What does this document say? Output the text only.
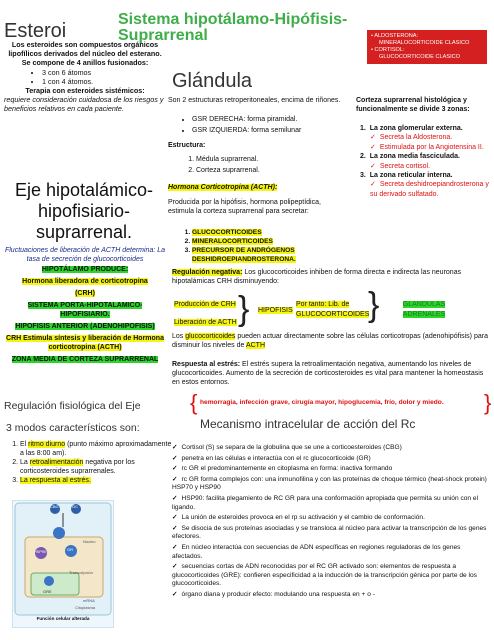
Esteroi
Sistema hipotálamo-Hipófisis-Suprarrenal	• ALDOSTERONA:
MINERALOCORTICOIDE CLASICO
• CORTISOL:
GLUCOCORTICOIDE CLASICO
Los esteroides son compuestos orgánicos lipofílicos derivados del núcleo del esterano.
Se compone de 4 anillos fusionados:
• 3 con 6 átomos
• 1 con 4 átomos.
Terapia con esteroides sistémicos:
requiere consideración cuidadosa de los riesgos y beneficios relativos en cada paciente.
Eje hipotalámico-hipofisiario-suprarrenal.
Fluctuaciones de liberación de ACTH determina: La tasa de secreción de glucocorticoides
HIPOTÁLAMO PRODUCE:
Hormona liberadora de corticotropina
(CRH)
SISTEMA PORTA-HIPOTALAMICO-HIPOFISIARIO.
HIPOFISIS ANTERIOR (ADENOHIPOFISIS)
CRH Estimula síntesis y liberación de Hormona corticotropina (ACTH)
ZONA MEDIA DE CORTEZA SUPRARRENAL
Regulación fisiológica del Eje
3 modos característicos son:
1. El ritmo diurno (punto máximo aproximadamente a las 8:00 am).
2. La retroalimentación negativa por los corticosteroides suprarrenales.
3. La respuesta al estrés.
CBG	GC
GR
HSP90
GRE
Transcripción
mRNA
Citoplasma
Núcleo
Función celular alterada
Glándula
Son 2 estructuras retroperitoneales, encima de riñones.
• GSR DERECHA: forma piramidal.
• GSR IZQUIERDA: forma semilunar
Estructura:
1. Médula suprarrenal.
2. Corteza suprarrenal.
Hormona Corticotropina (ACTH):
Producida por la hipófisis, hormona polipeptídica, estimula la corteza suprarrenal para secretar:
1. GLUCOCORTICOIDES
2. MINERALOCORTICOIDES
3. PRECURSOR DE ANDRÓGENOS DESHIDROEPIANDROSTERONA.
Corteza suprarrenal histológica y funcionalmente se divide 3 zonas:
1.  La zona glomerular externa.
✓ Secreta la Aldosterona.
✓ Estimulada por la Angiotensina II.
2.  La zona media fasciculada.
✓ Secreta cortisol.
3.  La zona reticular interna.
✓ Secreta deshidroepiandrosterona y su derivado sulfatado.
Regulación negativa: Los glucocorticoides inhiben de forma directa e indirecta las neuronas hipotalámicas CRH disminuyendo:
Producción de CRH
Liberación de ACTH } HIPOFISIS
Por tanto: Lib. de GLUCOCORTICOIDES
}	GLANDULAS ADRENALES
Los glucocorticoides pueden actuar directamente sobre las células corticotropas (adenohipófisis) para disminuir los niveles de ACTH
Respuesta al estrés: El estrés supera la retroalimentación negativa, aumentando los niveles de glucocorticoides. Aumento de la secreción de corticosteroides es vital para mantener la homeostasis en estos entornos.
{ hemorragia, infección grave, cirugía mayor, hipoglucemia, frío, dolor y miedo.	}
Mecanismo intracelular de acción del Rc
✓ Cortisol (S) se separa de la globulina que se une a corticoesteroides (CBG)
✓ penetra en las células e interactúa con el rc glucocorticoide (GR)
✓ rc GR el predominantemente en citoplasma en forma: inactiva formando
✓ rc GR forma complejos con: una inmunofilina y con las proteínas de choque térmico (heat-shock protein) HSP70 y HSP90
✓ HSP90: facilita plegamiento de RC GR para una conformación apropiada que permita su unión con el ligando.
✓ La unión de esteroides provoca en el rp su activación y el cambio de conformación.
✓ Se disocia de sus proteínas asociadas y se transloca al núcleo para activar la transcripción de los genes efectores.
✓ En núcleo interactúa con secuencias de ADN específicas en regiones reguladoras de los genes afectados.
✓ secuencias cortas de ADN reconocidas por el RC GR activado son: elementos de respuesta a glucocorticoides (GRE): confieren especificidad a la inducción de la transcripción génica por parte de los glucocorticoides.
✓ órgano diana y producir efecto: modulando una respuesta en + o -
